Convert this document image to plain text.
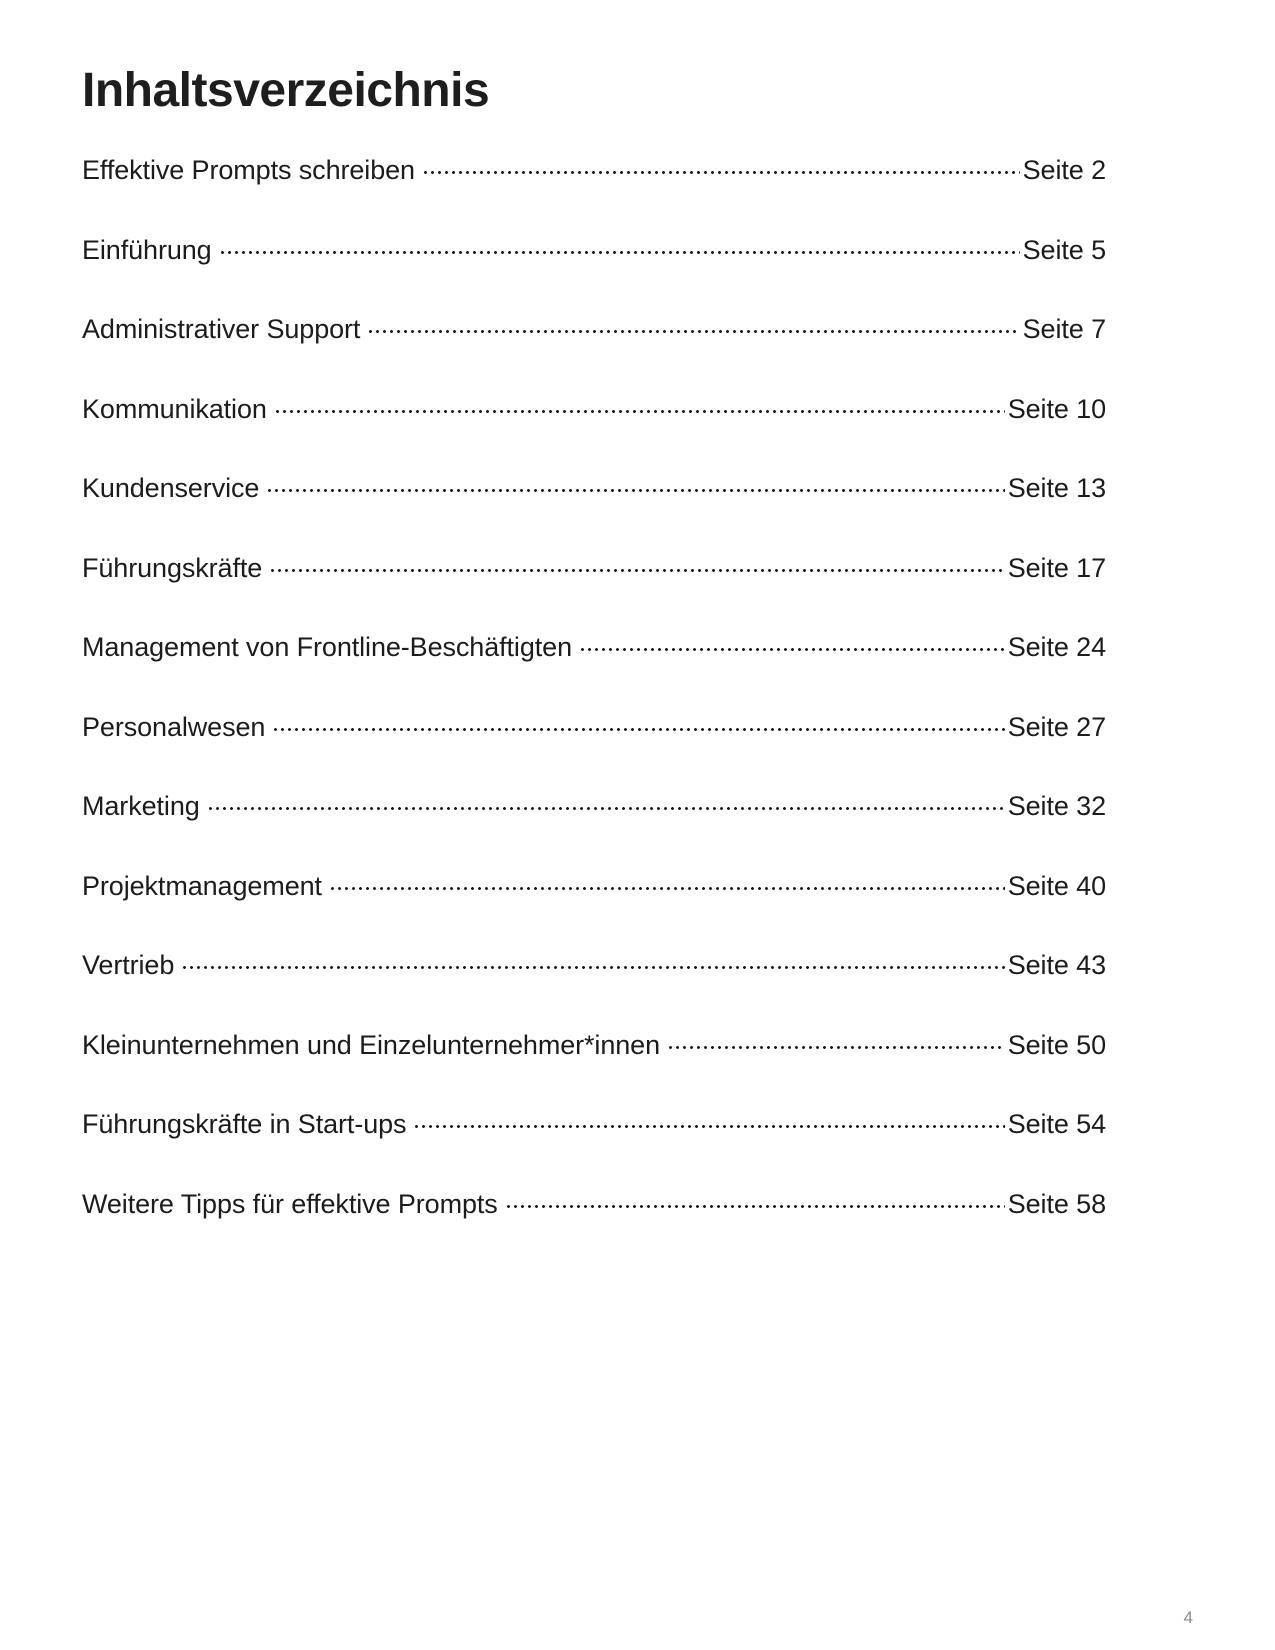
Inhaltsverzeichnis
Effektive Prompts schreiben	Seite 2
Einführung	Seite 5
Administrativer Support	Seite 7
Kommunikation	Seite 10
Kundenservice	Seite 13
Führungskräfte	Seite 17
Management von Frontline-Beschäftigten	Seite 24
Personalwesen	Seite 27
Marketing	Seite 32
Projektmanagement	Seite 40
Vertrieb	Seite 43
Kleinunternehmen und Einzelunternehmer*innen	Seite 50
Führungskräfte in Start-ups	Seite 54
Weitere Tipps für effektive Prompts	Seite 58
4
